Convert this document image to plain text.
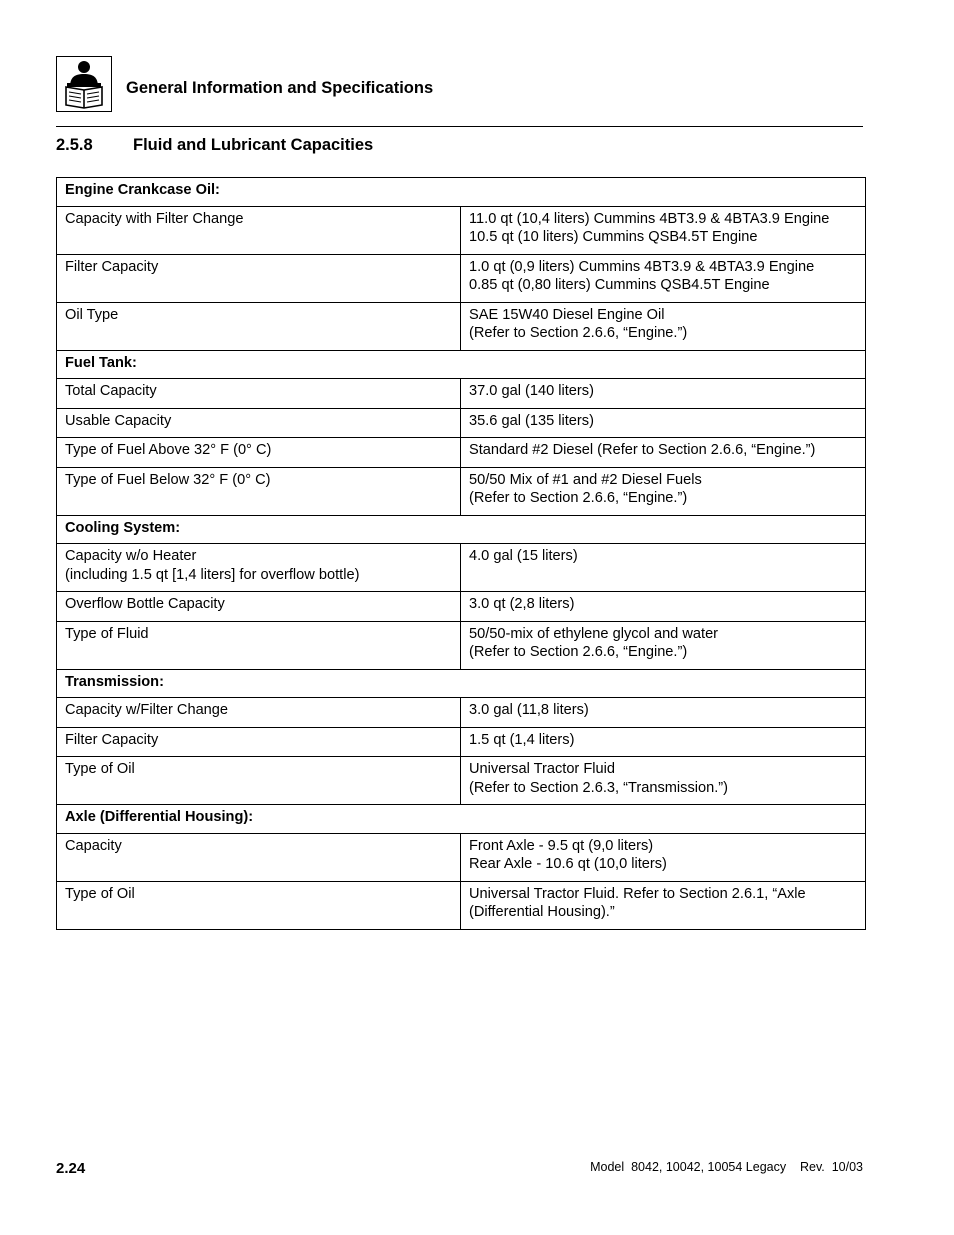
General Information and Specifications
2.5.8 Fluid and Lubricant Capacities
Engine Crankcase Oil:	

Capacity with Filter Change	11.0 qt (10,4 liters) Cummins 4BT3.9 & 4BTA3.9 Engine
10.5 qt (10 liters) Cummins QSB4.5T Engine

Filter Capacity	1.0 qt (0,9 liters) Cummins 4BT3.9 & 4BTA3.9 Engine
0.85 qt (0,80 liters) Cummins QSB4.5T Engine

Oil Type	SAE 15W40 Diesel Engine Oil
(Refer to Section 2.6.6, “Engine.”)

Fuel Tank:	

Total Capacity	37.0 gal (140 liters)

Usable Capacity	35.6 gal (135 liters)

Type of Fuel Above 32° F (0° C)	Standard #2 Diesel (Refer to Section 2.6.6, “Engine.”)

Type of Fuel Below 32° F (0° C)	50/50 Mix of #1 and #2 Diesel Fuels
(Refer to Section 2.6.6, “Engine.”)

Cooling System:	

Capacity w/o Heater
(including 1.5 qt [1,4 liters] for overflow bottle)	4.0 gal (15 liters)

Overflow Bottle Capacity	3.0 qt (2,8 liters)

Type of Fluid	50/50-mix of ethylene glycol and water
(Refer to Section 2.6.6, “Engine.”)

Transmission:	

Capacity w/Filter Change	3.0 gal (11,8 liters)

Filter Capacity	1.5 qt (1,4 liters)

Type of Oil	Universal Tractor Fluid
(Refer to Section 2.6.3, “Transmission.”)

Axle (Differential Housing):	

Capacity	Front Axle - 9.5 qt (9,0 liters)
Rear Axle - 10.6 qt (10,0 liters)

Type of Oil	Universal Tractor Fluid. Refer to Section 2.6.1, “Axle
(Differential Housing).”
2.24	Model  8042, 10042, 10054 Legacy    Rev.  10/03
